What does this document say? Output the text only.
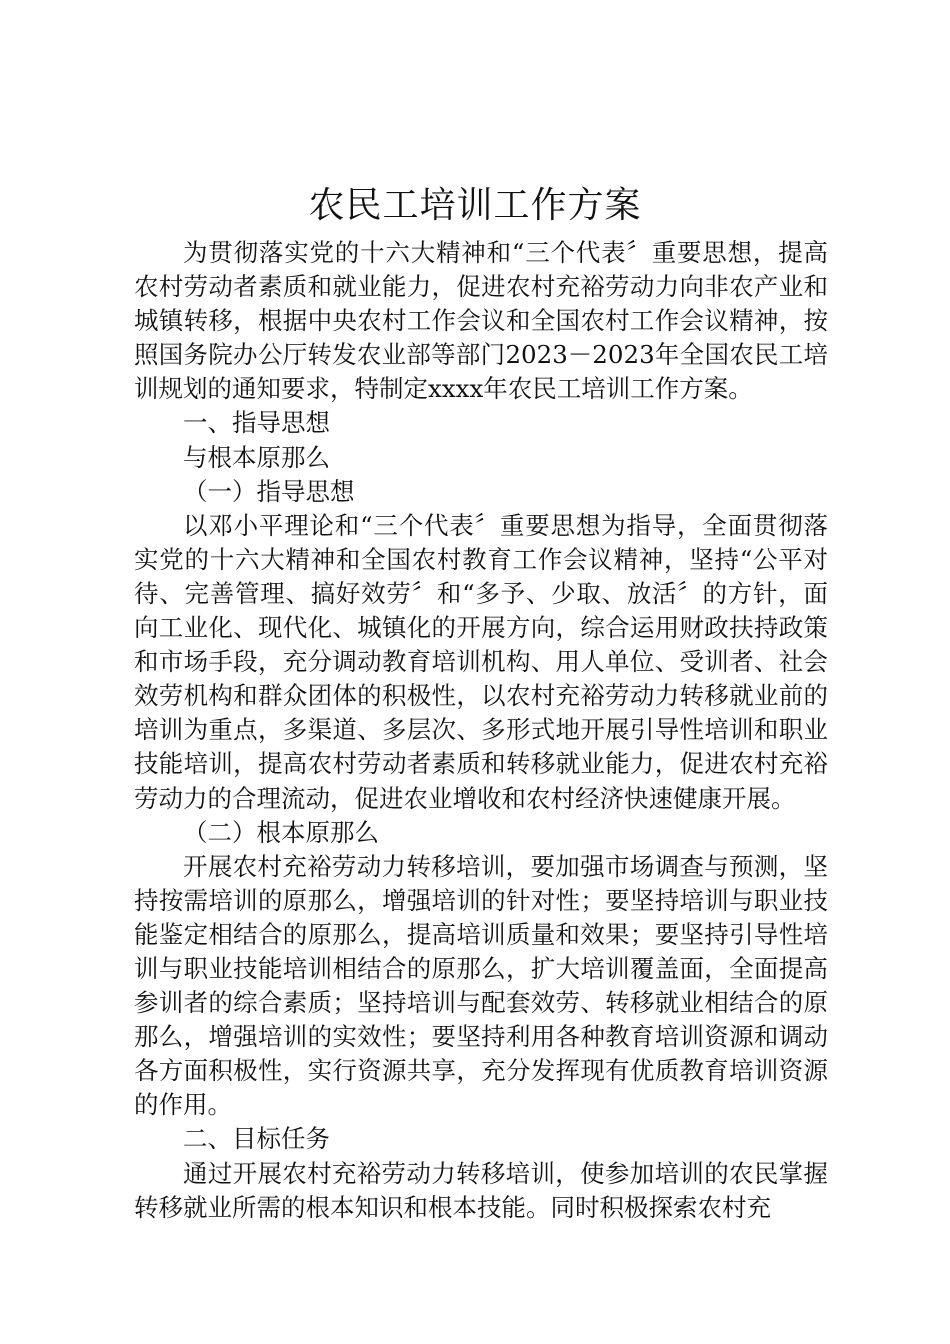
农民工培训工作方案

为贯彻落实党的十六大精神和“三个代表〞重要思想，提高农村劳动者素质和就业能力，促进农村充裕劳动力向非农产业和城镇转移，根据中央农村工作会议和全国农村工作会议精神，按照国务院办公厅转发农业部等部门2023－2023年全国农民工培训规划的通知要求，特制定xxxx年农民工培训工作方案。

一、指导思想

与根本原那么

（一）指导思想

以邓小平理论和“三个代表〞重要思想为指导，全面贯彻落实党的十六大精神和全国农村教育工作会议精神，坚持“公平对待、完善管理、搞好效劳〞和“多予、少取、放活〞的方针，面向工业化、现代化、城镇化的开展方向，综合运用财政扶持政策和市场手段，充分调动教育培训机构、用人单位、受训者、社会效劳机构和群众团体的积极性，以农村充裕劳动力转移就业前的培训为重点，多渠道、多层次、多形式地开展引导性培训和职业技能培训，提高农村劳动者素质和转移就业能力，促进农村充裕劳动力的合理流动，促进农业增收和农村经济快速健康开展。

（二）根本原那么

开展农村充裕劳动力转移培训，要加强市场调查与预测，坚持按需培训的原那么，增强培训的针对性；要坚持培训与职业技能鉴定相结合的原那么，提高培训质量和效果；要坚持引导性培训与职业技能培训相结合的原那么，扩大培训覆盖面，全面提高参训者的综合素质；坚持培训与配套效劳、转移就业相结合的原那么，增强培训的实效性；要坚持利用各种教育培训资源和调动各方面积极性，实行资源共享，充分发挥现有优质教育培训资源的作用。

二、目标任务

通过开展农村充裕劳动力转移培训，使参加培训的农民掌握转移就业所需的根本知识和根本技能。同时积极探索农村充
